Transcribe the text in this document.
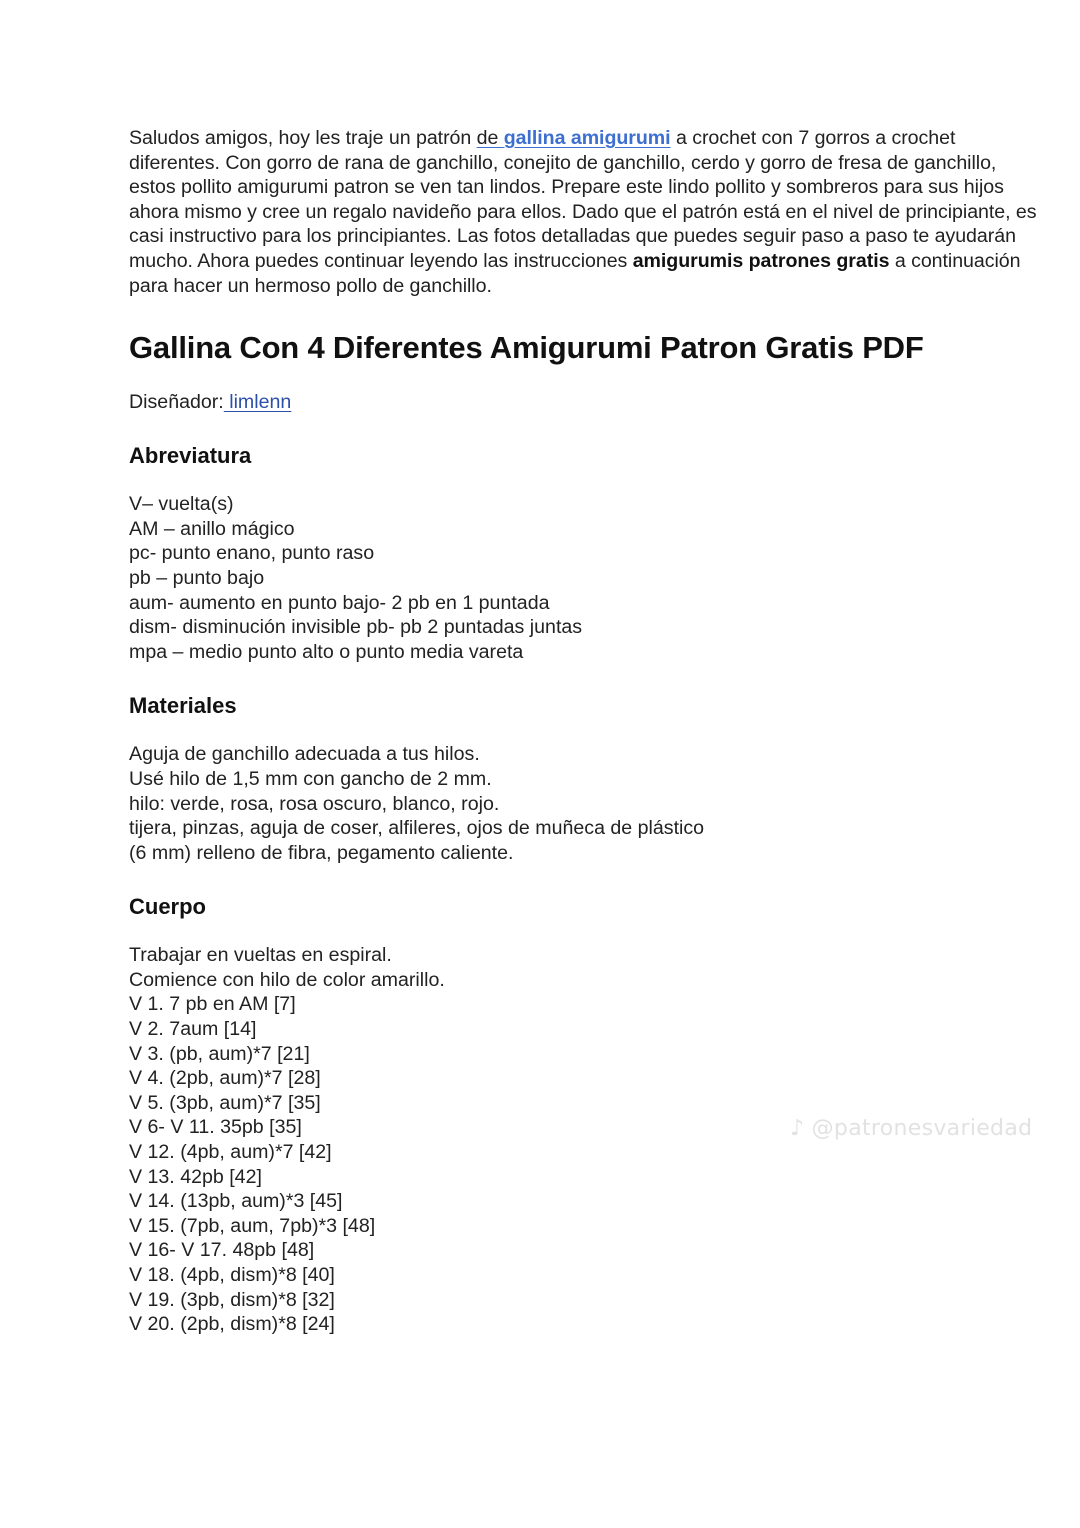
Saludos amigos, hoy les traje un patrón de gallina amigurumi a crochet con 7 gorros a crochet diferentes. Con gorro de rana de ganchillo, conejito de ganchillo, cerdo y gorro de fresa de ganchillo, estos pollito amigurumi patron se ven tan lindos. Prepare este lindo pollito y sombreros para sus hijos ahora mismo y cree un regalo navideño para ellos. Dado que el patrón está en el nivel de principiante, es casi instructivo para los principiantes. Las fotos detalladas que puedes seguir paso a paso te ayudarán mucho. Ahora puedes continuar leyendo las instrucciones amigurumis patrones gratis a continuación para hacer un hermoso pollo de ganchillo.

Gallina Con 4 Diferentes Amigurumi Patron Gratis PDF

Diseñador: limlenn

Abreviatura
V– vuelta(s)
AM – anillo mágico
pc- punto enano, punto raso
pb – punto bajo
aum- aumento en punto bajo- 2 pb en 1 puntada
dism- disminución invisible pb- pb 2 puntadas juntas
mpa – medio punto alto o punto media vareta
Materiales
Aguja de ganchillo adecuada a tus hilos.
Usé hilo de 1,5 mm con gancho de 2 mm.
hilo: verde, rosa, rosa oscuro, blanco, rojo.
tijera, pinzas, aguja de coser, alfileres, ojos de muñeca de plástico
(6 mm) relleno de fibra, pegamento caliente.
Cuerpo
Trabajar en vueltas en espiral.
Comience con hilo de color amarillo.
V 1. 7 pb en AM [7]
V 2. 7aum [14]
V 3. (pb, aum)*7 [21]
V 4. (2pb, aum)*7 [28]
V 5. (3pb, aum)*7 [35]
V 6- V 11. 35pb [35]
V 12. (4pb, aum)*7 [42]
V 13. 42pb [42]
V 14. (13pb, aum)*3 [45]
V 15. (7pb, aum, 7pb)*3 [48]
V 16- V 17. 48pb [48]
V 18. (4pb, dism)*8 [40]
V 19. (3pb, dism)*8 [32]
V 20. (2pb, dism)*8 [24]
♪ @patronesvariedad
